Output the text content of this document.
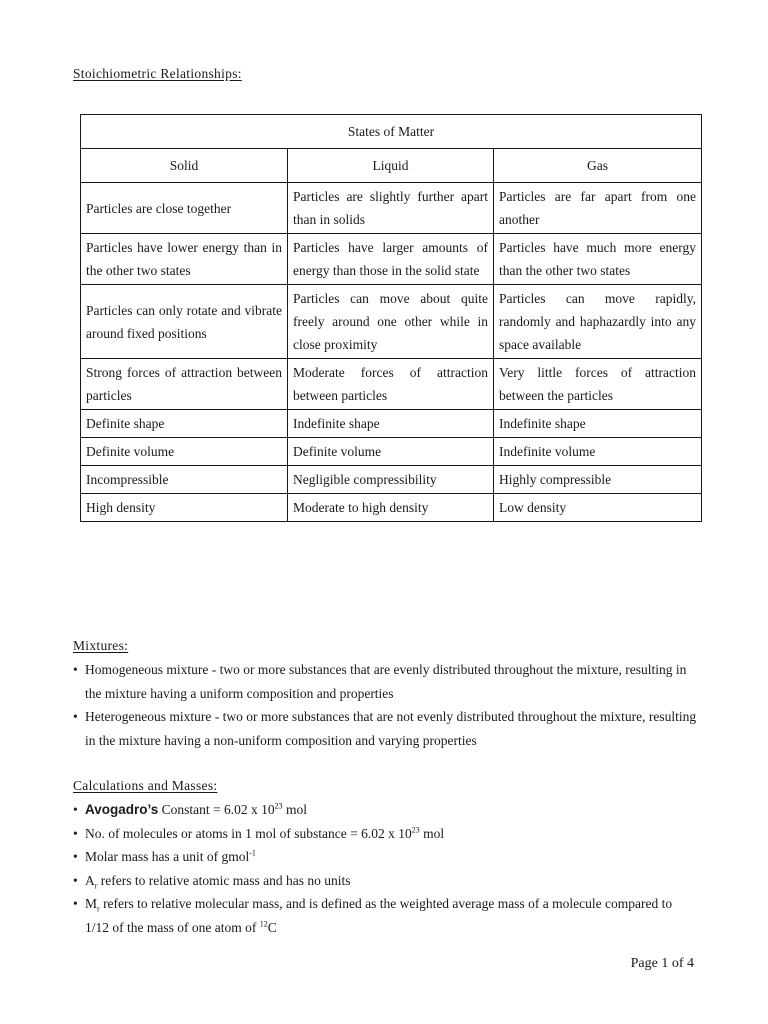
Stoichiometric Relationships:
States of Matter		
Solid	Liquid	Gas
Particles are close together	Particles are slightly further apart than in solids	Particles are far apart from one another
Particles have lower energy than in the other two states	Particles have larger amounts of energy than those in the solid state	Particles have much more energy than the other two states
Particles can only rotate and vibrate around fixed positions	Particles can move about quite freely around one other while in close proximity	Particles can move rapidly, randomly and haphazardly into any space available
Strong forces of attraction between particles	Moderate forces of attraction between particles	Very little forces of attraction between the particles
Definite shape	Indefinite shape	Indefinite shape
Definite volume	Definite volume	Indefinite volume
Incompressible	Negligible compressibility	Highly compressible
High density	Moderate to high density	Low density
Mixtures:
• Homogeneous mixture - two or more substances that are evenly distributed throughout the mixture, resulting in the mixture having a uniform composition and properties
• Heterogeneous mixture - two or more substances that are not evenly distributed throughout the mixture, resulting in the mixture having a non-uniform composition and varying properties
Calculations and Masses:
• Avogadro’s Constant = 6.02 x $10^{23}$ mol
• No. of molecules or atoms in 1 mol of substance = 6.02 x $10^{23}$ mol
• Molar mass has a unit of gmol$^{-1}$
• $A_r$ refers to relative atomic mass and has no units
• $M_r$ refers to relative molecular mass, and is defined as the weighted average mass of a molecule compared to 1/12 of the mass of one atom of $^{12}$C
Page 1 of 4
